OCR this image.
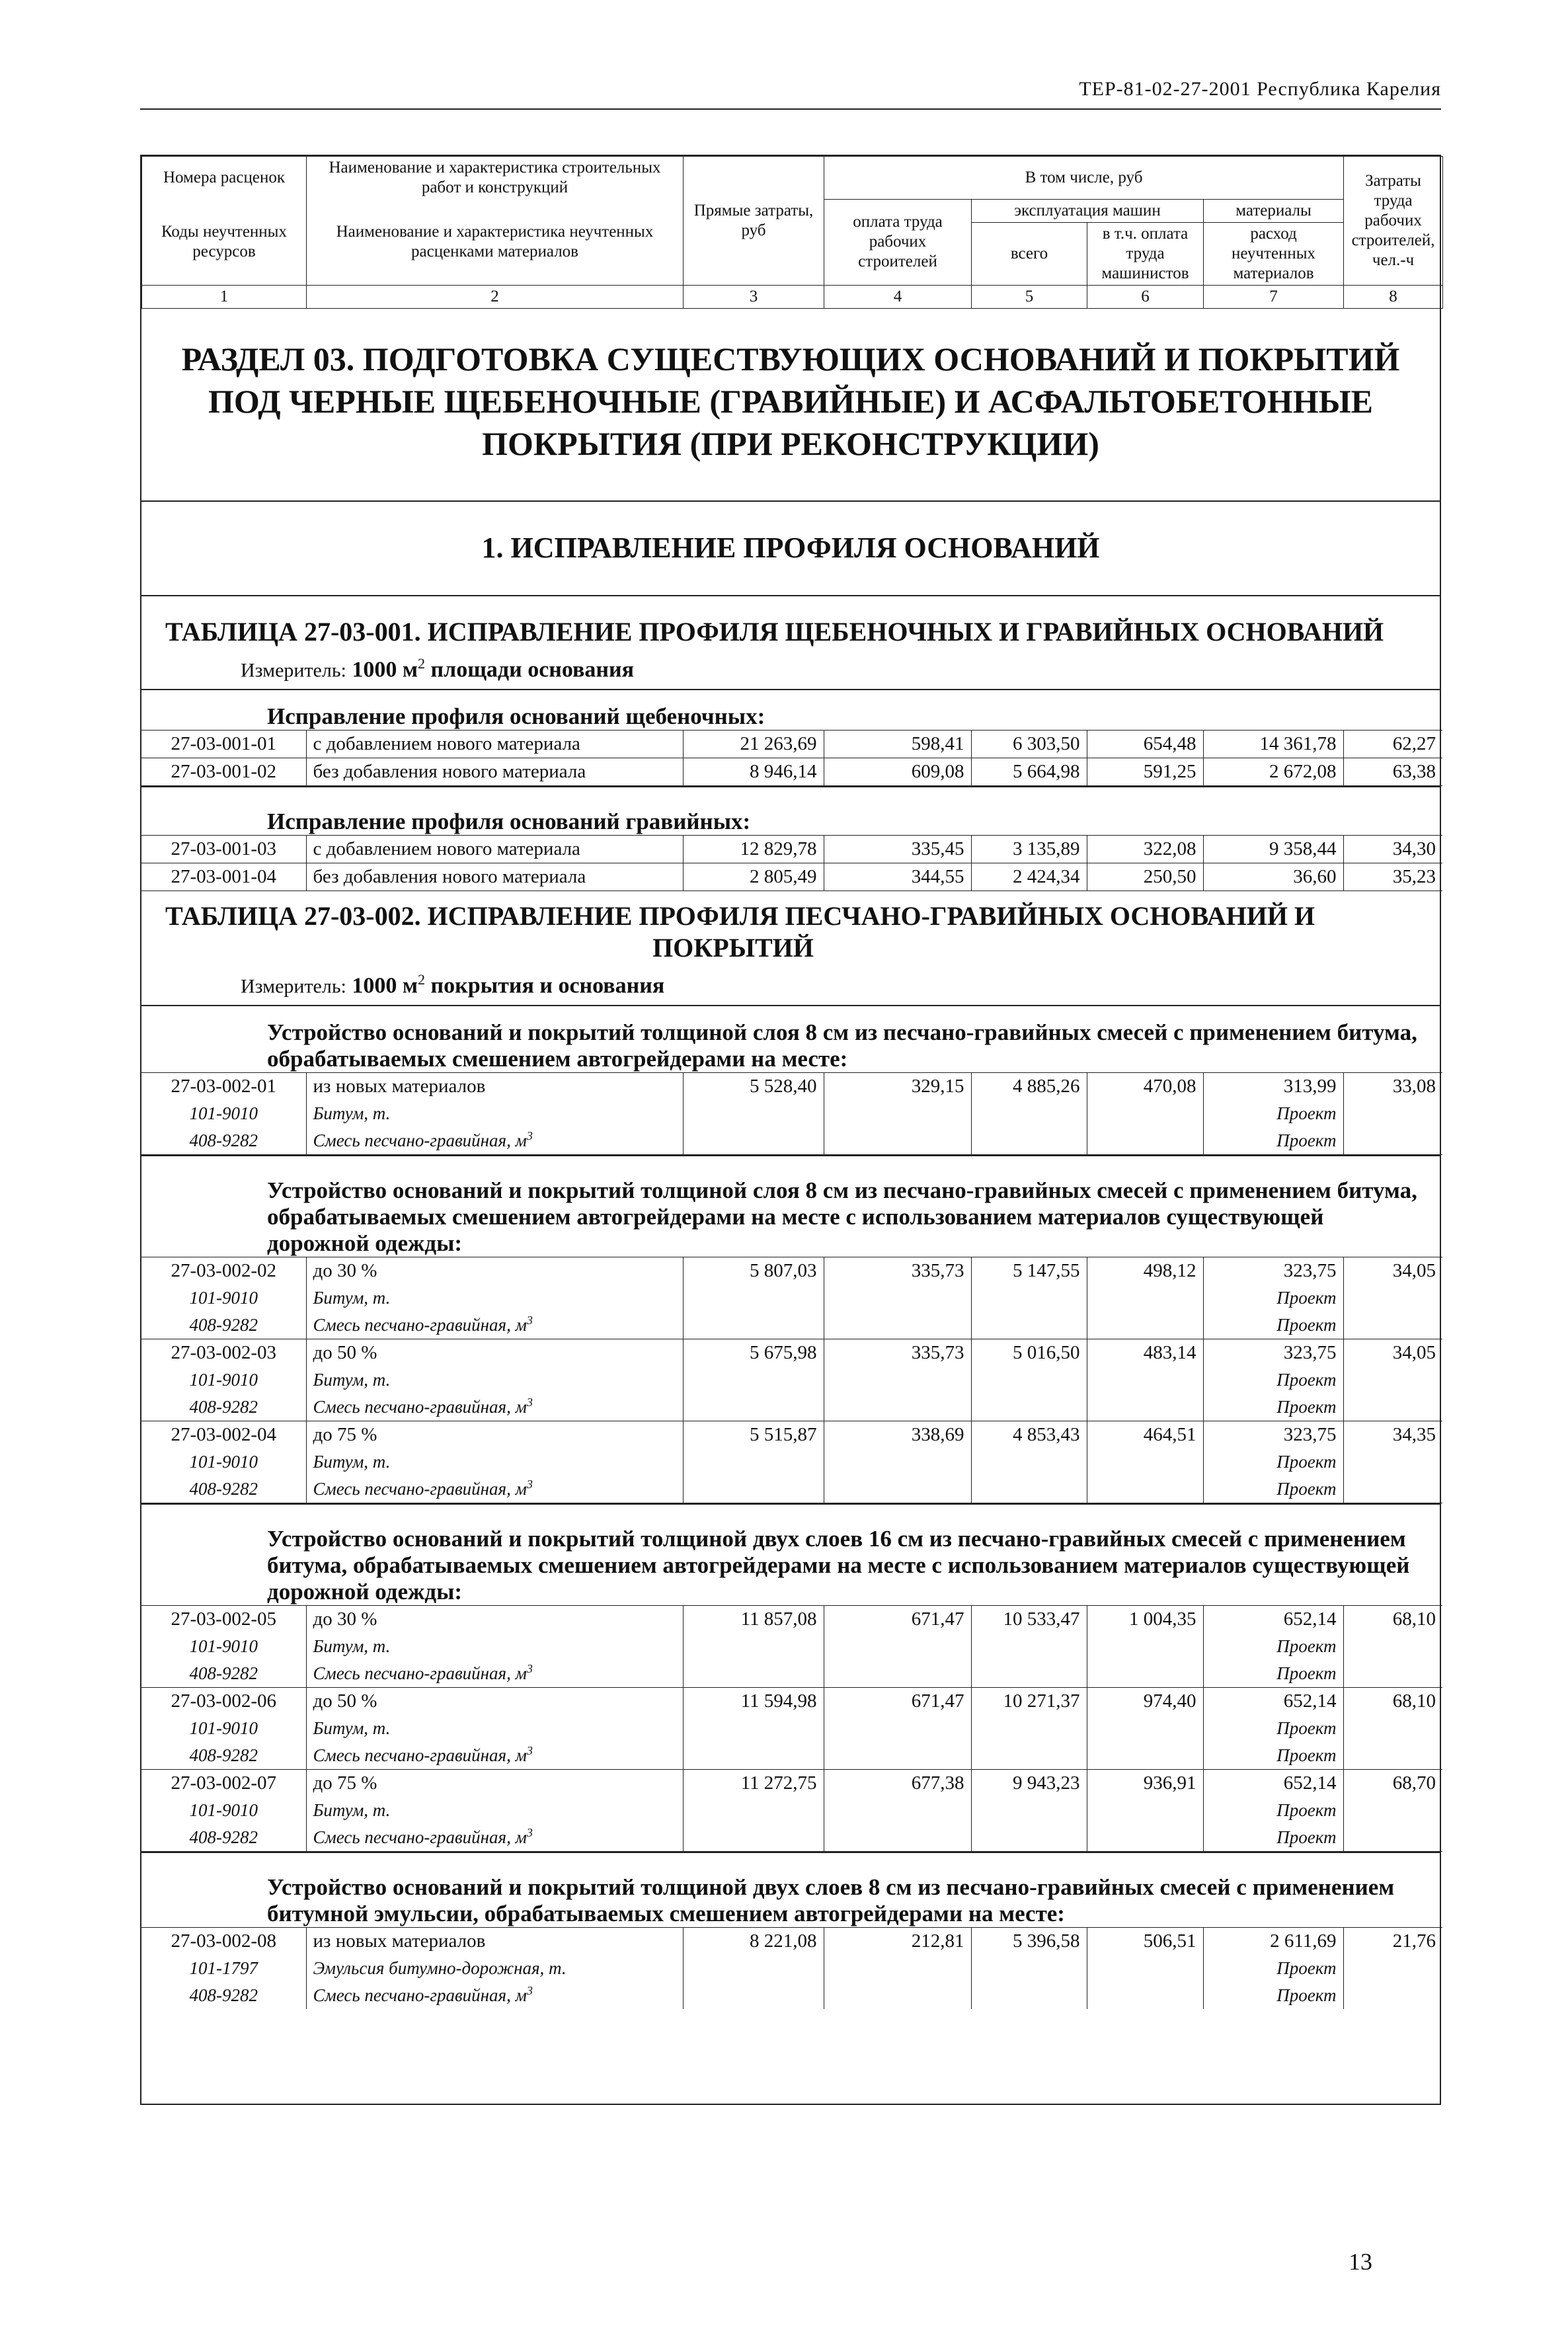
ТЕР-81-02-27-2001 Республика Карелия
Номера расценок	Наименование и характеристика строительных работ и конструкций	Прямые затраты, руб	В том числе, руб				Затраты труда рабочих строителей, чел.-ч
Коды неучтенных ресурсов	Наименование и характеристика неучтенных расценками материалов		оплата труда рабочих строителей	эксплуатация машин		материалы	
				всего	в т.ч. оплата труда машинистов	расход неучтенных материалов	
1	2	3	4	5	6	7	8
РАЗДЕЛ 03. ПОДГОТОВКА СУЩЕСТВУЮЩИХ ОСНОВАНИЙ И ПОКРЫТИЙ ПОД ЧЕРНЫЕ ЩЕБЕНОЧНЫЕ (ГРАВИЙНЫЕ) И АСФАЛЬТОБЕТОННЫЕ ПОКРЫТИЯ (ПРИ РЕКОНСТРУКЦИИ)
1. ИСПРАВЛЕНИЕ ПРОФИЛЯ ОСНОВАНИЙ
ТАБЛИЦА 27-03-001. ИСПРАВЛЕНИЕ ПРОФИЛЯ ЩЕБЕНОЧНЫХ И ГРАВИЙНЫХ ОСНОВАНИЙ
Измеритель: 1000 $м^2$ площади основания
Исправление профиля оснований щебеночных:
27-03-001-01	с добавлением нового материала	21 263,69	598,41	6 303,50	654,48	14 361,78	62,27
27-03-001-02	без добавления нового материала	8 946,14	609,08	5 664,98	591,25	2 672,08	63,38
Исправление профиля оснований гравийных:
27-03-001-03	с добавлением нового материала	12 829,78	335,45	3 135,89	322,08	9 358,44	34,30
27-03-001-04	без добавления нового материала	2 805,49	344,55	2 424,34	250,50	36,60	35,23
ТАБЛИЦА 27-03-002. ИСПРАВЛЕНИЕ ПРОФИЛЯ ПЕСЧАНО-ГРАВИЙНЫХ ОСНОВАНИЙ И
ПОКРЫТИЙ
Измеритель: 1000 $м^2$ покрытия и основания
Устройство оснований и покрытий толщиной слоя 8 см из песчано-гравийных смесей с применением битума, обрабатываемых смешением автогрейдерами на месте:
27-03-002-01	из новых материалов	5 528,40	329,15	4 885,26	470,08	313,99	33,08
101-9010	Битум, т.					Проект	
408-9282	Смесь песчано-гравийная, $м^3$					Проект	
Устройство оснований и покрытий толщиной слоя 8 см из песчано-гравийных смесей с применением битума, обрабатываемых смешением автогрейдерами на месте с использованием материалов существующей дорожной одежды:
27-03-002-02	до 30 %	5 807,03	335,73	5 147,55	498,12	323,75	34,05
101-9010	Битум, т.					Проект	
408-9282	Смесь песчано-гравийная, $м^3$					Проект	
27-03-002-03	до 50 %	5 675,98	335,73	5 016,50	483,14	323,75	34,05
101-9010	Битум, т.					Проект	
408-9282	Смесь песчано-гравийная, $м^3$					Проект	
27-03-002-04	до 75 %	5 515,87	338,69	4 853,43	464,51	323,75	34,35
101-9010	Битум, т.					Проект	
408-9282	Смесь песчано-гравийная, $м^3$					Проект	
Устройство оснований и покрытий толщиной двух слоев 16 см из песчано-гравийных смесей с применением битума, обрабатываемых смешением автогрейдерами на месте с использованием материалов существующей дорожной одежды:
27-03-002-05	до 30 %	11 857,08	671,47	10 533,47	1 004,35	652,14	68,10
101-9010	Битум, т.					Проект	
408-9282	Смесь песчано-гравийная, $м^3$					Проект	
27-03-002-06	до 50 %	11 594,98	671,47	10 271,37	974,40	652,14	68,10
101-9010	Битум, т.					Проект	
408-9282	Смесь песчано-гравийная, $м^3$					Проект	
27-03-002-07	до 75 %	11 272,75	677,38	9 943,23	936,91	652,14	68,70
101-9010	Битум, т.					Проект	
408-9282	Смесь песчано-гравийная, $м^3$					Проект	
Устройство оснований и покрытий толщиной двух слоев 8 см из песчано-гравийных смесей с применением битумной эмульсии, обрабатываемых смешением автогрейдерами на месте:
27-03-002-08	из новых материалов	8 221,08	212,81	5 396,58	506,51	2 611,69	21,76
101-1797	Эмульсия битумно-дорожная, т.					Проект	
408-9282	Смесь песчано-гравийная, $м^3$					Проект	
13
